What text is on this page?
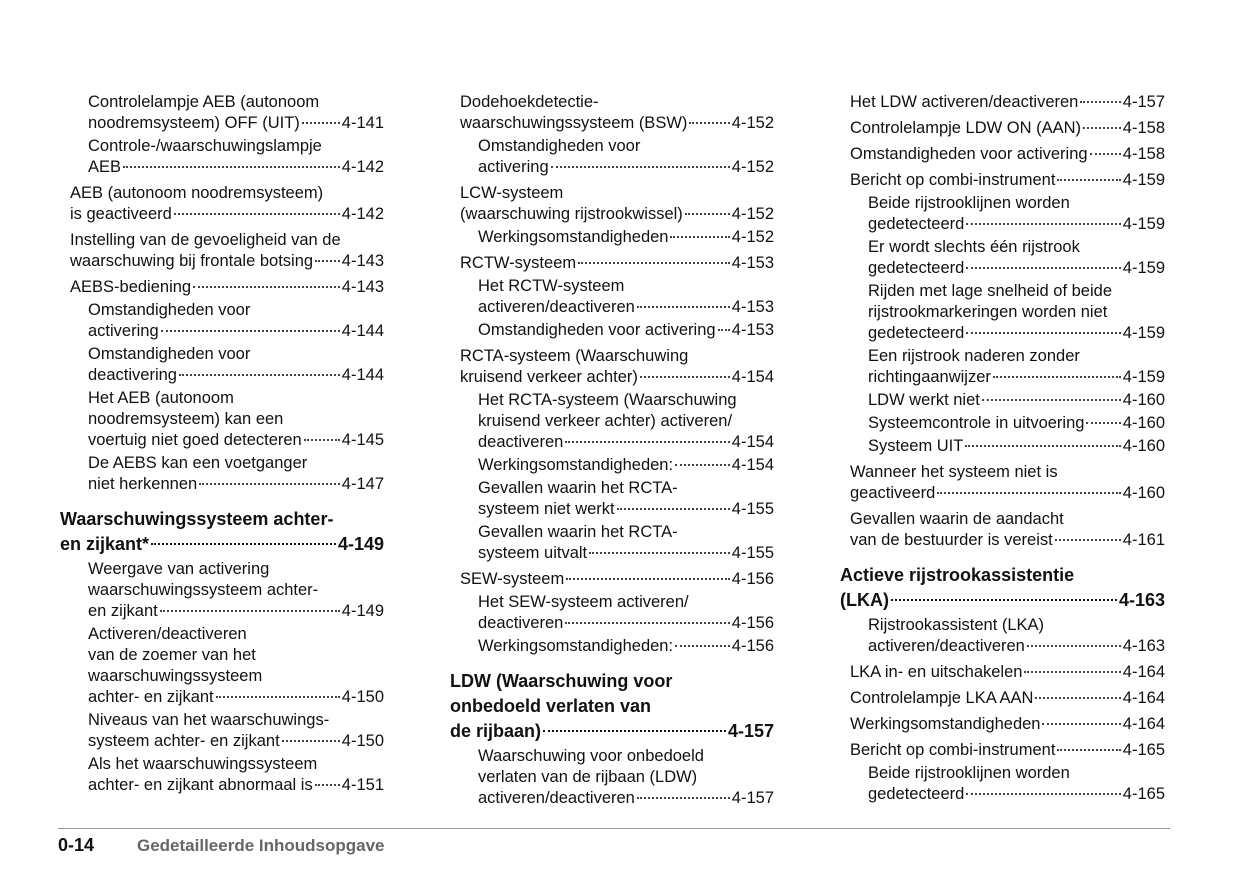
Controlelampje AEB (autonoom
noodremsysteem) OFF (UIT)	4-141
Controle-/waarschuwingslampje
AEB	4-142
AEB (autonoom noodremsysteem)
is geactiveerd	4-142
Instelling van de gevoeligheid van de
waarschuwing bij frontale botsing 4-143
AEBS-bediening	4-143
Omstandigheden voor
activering	4-144
Omstandigheden voor
deactivering	4-144
Het AEB (autonoom
noodremsysteem) kan een
voertuig niet goed detecteren 4-145
De AEBS kan een voetganger
niet herkennen	4-147
Waarschuwingssysteem achter-
en zijkant*	4-149
Weergave van activering
waarschuwingssysteem achter-
en zijkant	4-149
Activeren/deactiveren
van de zoemer van het
waarschuwingssysteem
achter- en zijkant	4-150
Niveaus van het waarschuwings-
systeem achter- en zijkant	4-150
Als het waarschuwingssysteem
achter- en zijkant abnormaal is 4-151
Dodehoekdetectie-
waarschuwingssysteem (BSW)	4-152
Omstandigheden voor
activering	4-152
LCW-systeem
(waarschuwing rijstrookwissel)	4-152
Werkingsomstandigheden	4-152
RCTW-systeem	4-153
Het RCTW-systeem
activeren/deactiveren	4-153
Omstandigheden voor activering 4-153
RCTA-systeem (Waarschuwing
kruisend verkeer achter)	4-154
Het RCTA-systeem (Waarschuwing
kruisend verkeer achter) activeren/
deactiveren	4-154
Werkingsomstandigheden:	4-154
Gevallen waarin het RCTA-
systeem niet werkt	4-155
Gevallen waarin het RCTA-
systeem uitvalt	4-155
SEW-systeem	4-156
Het SEW-systeem activeren/
deactiveren	4-156
Werkingsomstandigheden:	4-156
LDW (Waarschuwing voor
onbedoeld verlaten van
de rijbaan)	4-157
Waarschuwing voor onbedoeld
verlaten van de rijbaan (LDW)
activeren/deactiveren	4-157
Het LDW activeren/deactiveren	4-157
Controlelampje LDW ON (AAN)	4-158
Omstandigheden voor activering 4-158
Bericht op combi-instrument	4-159
Beide rijstrooklijnen worden
gedetecteerd	4-159
Er wordt slechts één rijstrook
gedetecteerd	4-159
Rijden met lage snelheid of beide
rijstrookmarkeringen worden niet
gedetecteerd	4-159
Een rijstrook naderen zonder
richtingaanwijzer	4-159
LDW werkt niet	4-160
Systeemcontrole in uitvoering 4-160
Systeem UIT	4-160
Wanneer het systeem niet is
geactiveerd	4-160
Gevallen waarin de aandacht
van de bestuurder is vereist	4-161
Actieve rijstrookassistentie
(LKA)	4-163
Rijstrookassistent (LKA)
activeren/deactiveren	4-163
LKA in- en uitschakelen	4-164
Controlelampje LKA AAN	4-164
Werkingsomstandigheden	4-164
Bericht op combi-instrument	4-165
Beide rijstrooklijnen worden
gedetecteerd	4-165
0-14	Gedetailleerde Inhoudsopgave
